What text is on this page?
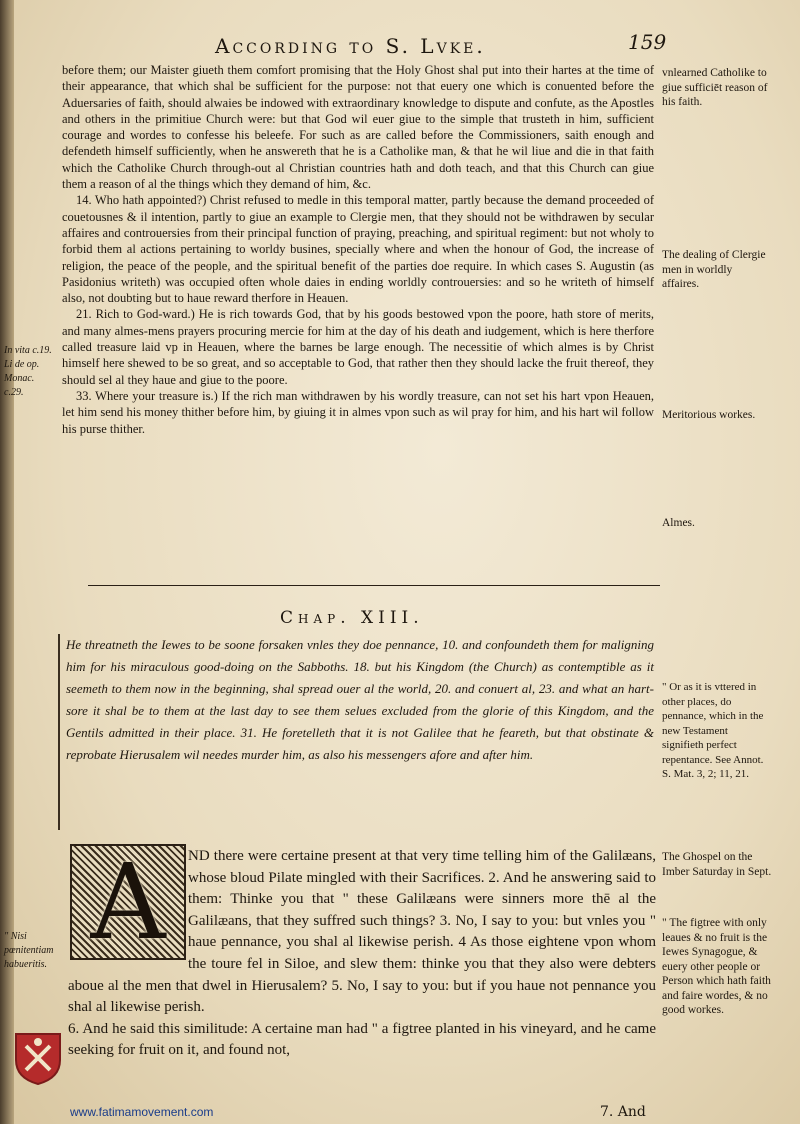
According to S. Lvke.	159

before them; our Maister giueth them comfort promising that the Holy Ghost shal put into their hartes at the time of their appearance, that which shal be sufficient for the purpose: not that euery one which is conuented before the Aduersaries of faith, should alwaies be indowed with extraordinary knowledge to dispute and confute, as the Apostles and others in the primitiue Church were: but that God wil euer giue to the simple that trusteth in him, sufficient courage and wordes to confesse his beleefe. For such as are called before the Commissioners, saith enough and defendeth himself sufficiently, when he answereth that he is a Catholike man, & that he wil liue and die in that faith which the Catholike Church through-out al Christian countries hath and doth teach, and that this Church can giue them a reason of al the things which they demand of him, &c.

14. Who hath appointed?) Christ refused to medle in this temporal matter, partly because the demand proceeded of couetousnes & il intention, partly to giue an example to Clergie men, that they should not be withdrawen by secular affaires and controuersies from their principal function of praying, preaching, and spiritual regiment: but not wholy to forbid them al actions pertaining to worldy busines, specially where and when the honour of God, the increase of religion, the peace of the people, and the spiritual benefit of the parties doe require. In which cases S. Augustin (as Pasidonius writeth) was occupied often whole daies in ending worldly controuersies: and so he writeth of himself also, not doubting but to haue reward therfore in Heauen.

21. Rich to God-ward.) He is rich towards God, that by his goods bestowed vpon the poore, hath store of merits, and many almes-mens prayers procuring mercie for him at the day of his death and iudgement, which is here therfore called treasure laid vp in Heauen, where the barnes be large enough. The necessitie of which almes is by Christ himself here shewed to be so great, and so acceptable to God, that rather then they should lacke the fruit thereof, they should sel al they haue and giue to the poore.

33. Where your treasure is.) If the rich man withdrawen by his wordly treasure, can not set his hart vpon Heauen, let him send his money thither before him, by giuing it in almes vpon such as wil pray for him, and his hart wil follow his purse thither.

vnlearned Catholike to giue sufficiēt reason of his faith.
The dealing of Clergie men in worldly affaires.
Meritorious workes.
Almes.
In vita c.19. Li de op. Monac. c.29.
Chap. XIII.
He threatneth the Iewes to be soone forsaken vnles they doe pennance, 10. and confoundeth them for maligning him for his miraculous good-doing on the Sabboths. 18. but his Kingdom (the Church) as contemptible as it seemeth to them now in the beginning, shal spread ouer al the world, 20. and conuert al, 23. and what an hart-sore it shal be to them at the last day to see them selues excluded from the glorie of this Kingdom, and the Gentils admitted in their place. 31. He foretelleth that it is not Galilee that he feareth, but that obstinate & reprobate Hierusalem wil needes murder him, as also his messengers afore and after him.
" Or as it is vttered in other places, do pennance, which in the new Testament signifieth perfect repentance. See Annot. S. Mat. 3, 2; 11, 21.
A	ND there were certaine present at that very time telling him of the Galilæans, whose bloud Pilate mingled with their Sacrifices. 2. And he answering said to them: Thinke you that " these Galilæans were sinners more thē al the Galilæans, that they suffred such things? 3. No, I say to you: but vnles you " haue pennance, you shal al likewise perish. 4 As those eightene vpon whom the toure fel in Siloe, and slew them: thinke you that they also were debters aboue al the men that dwel in Hierusalem? 5. No, I say to you: but if you haue not pennance you shal al likewise perish.

6. And he said this similitude: A certaine man had " a figtree planted in his vineyard, and he came seeking for fruit on it, and found not,

The Ghospel on the Imber Saturday in Sept.
" The figtree with only leaues & no fruit is the Iewes Synagogue, & euery other people or Person which hath faith and faire wordes, & no good workes.
" Nisi pœnitentiam habueritis.
7. And
www.fatimamovement.com
